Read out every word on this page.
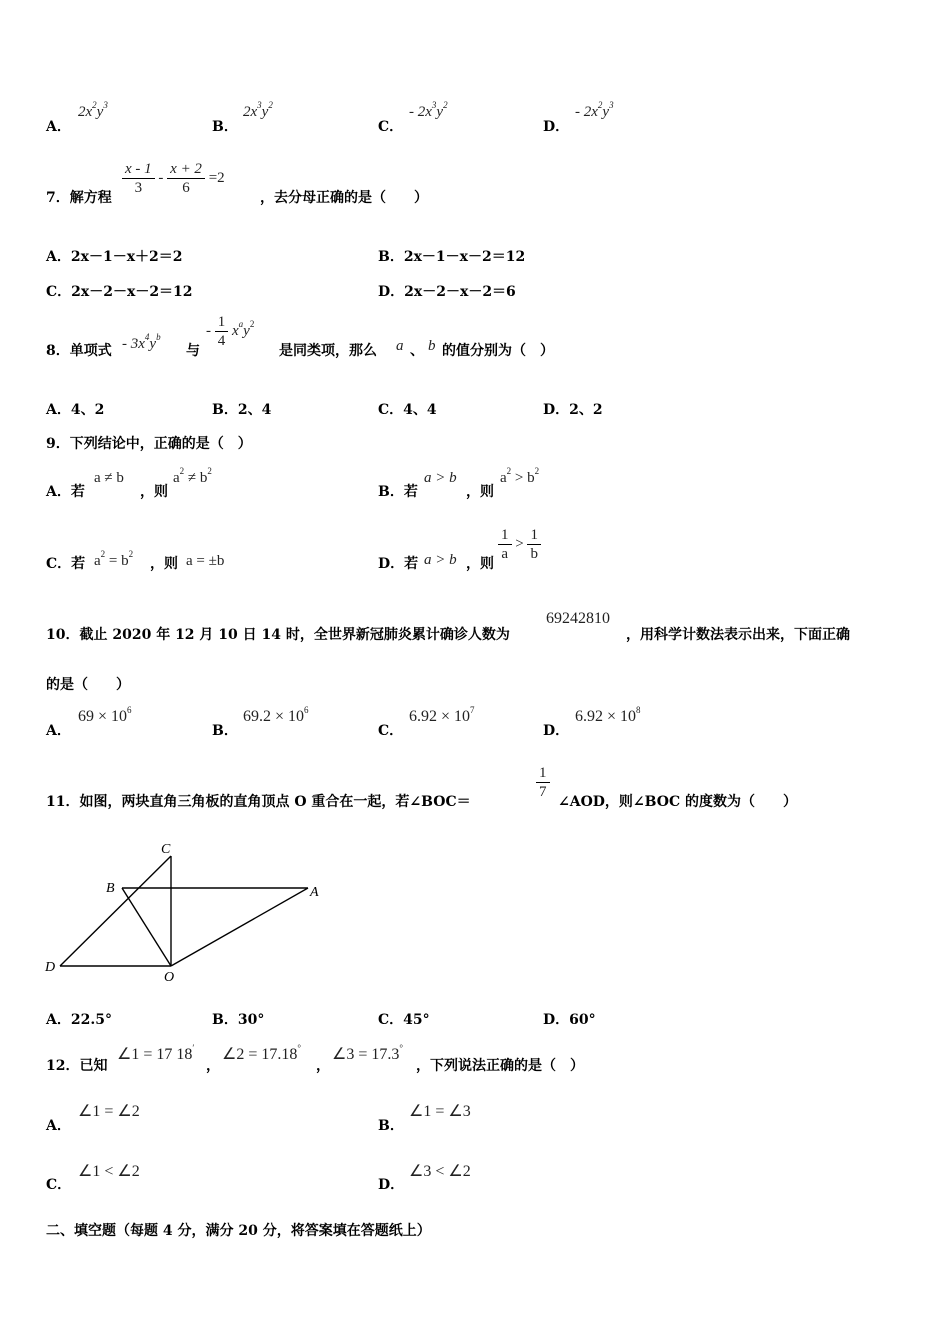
A．
$2x^2y^3$
B．
$2x^3y^2$
C．
- $2x^3y^2$
D．
- $2x^2y^3$
7．解方程
$\frac{x - 1}{3} - \frac{x + 2}{6} =2$
，去分母正确的是（　　）
A．2x－1－x＋2＝2	B．2x－1－x－2＝12
C．2x－2－x－2＝12	D．2x－2－x－2＝6
8．单项式 - $3x^4y^b$
与
- $\frac{1}{4} x^ay^2$
是同类项，那么 a 、 b 的值分别为（　）
A．4、2	B．2、4	C．4、4	D．2、2
9．下列结论中，正确的是（　）
A．若
a ≠ b
，则
$a^2 \ne b^2$
B．若
a > b
，则
$a^2 > b^2$
C．若 $a^2 = b^2$
，则 a = ±b	D．若 a > b ，则
$\frac{1}{a} > \frac{1}{b}$
10．截止 2020 年 12 月 10 日 14 时，全世界新冠肺炎累计确诊人数为
69242810
，用科学计数法表示出来，下面正确
的是（　　）
A．
$69 \times 10^6$
B．
$69.2 \times 10^6$
C．
$6.92 \times 10^7$
D．
$6.92 \times 10^8$
11．如图，两块直角三角板的直角顶点 O 重合在一起，若∠BOC＝
$\frac{1}{7}$
∠AOD，则∠BOC 的度数为（　　）
C
B	A
D
O
A．22.5°	B．30°	C．45°	D．60°
12．已知
∠1 = 17 18′
，
∠2 = 17.18°
，
∠3 = 17.3°
，下列说法正确的是（　）
A．
∠1 = ∠2
B．
∠1 = ∠3
C．
∠1 < ∠2
D．
∠3 < ∠2
二、填空题（每题 4 分，满分 20 分，将答案填在答题纸上）
